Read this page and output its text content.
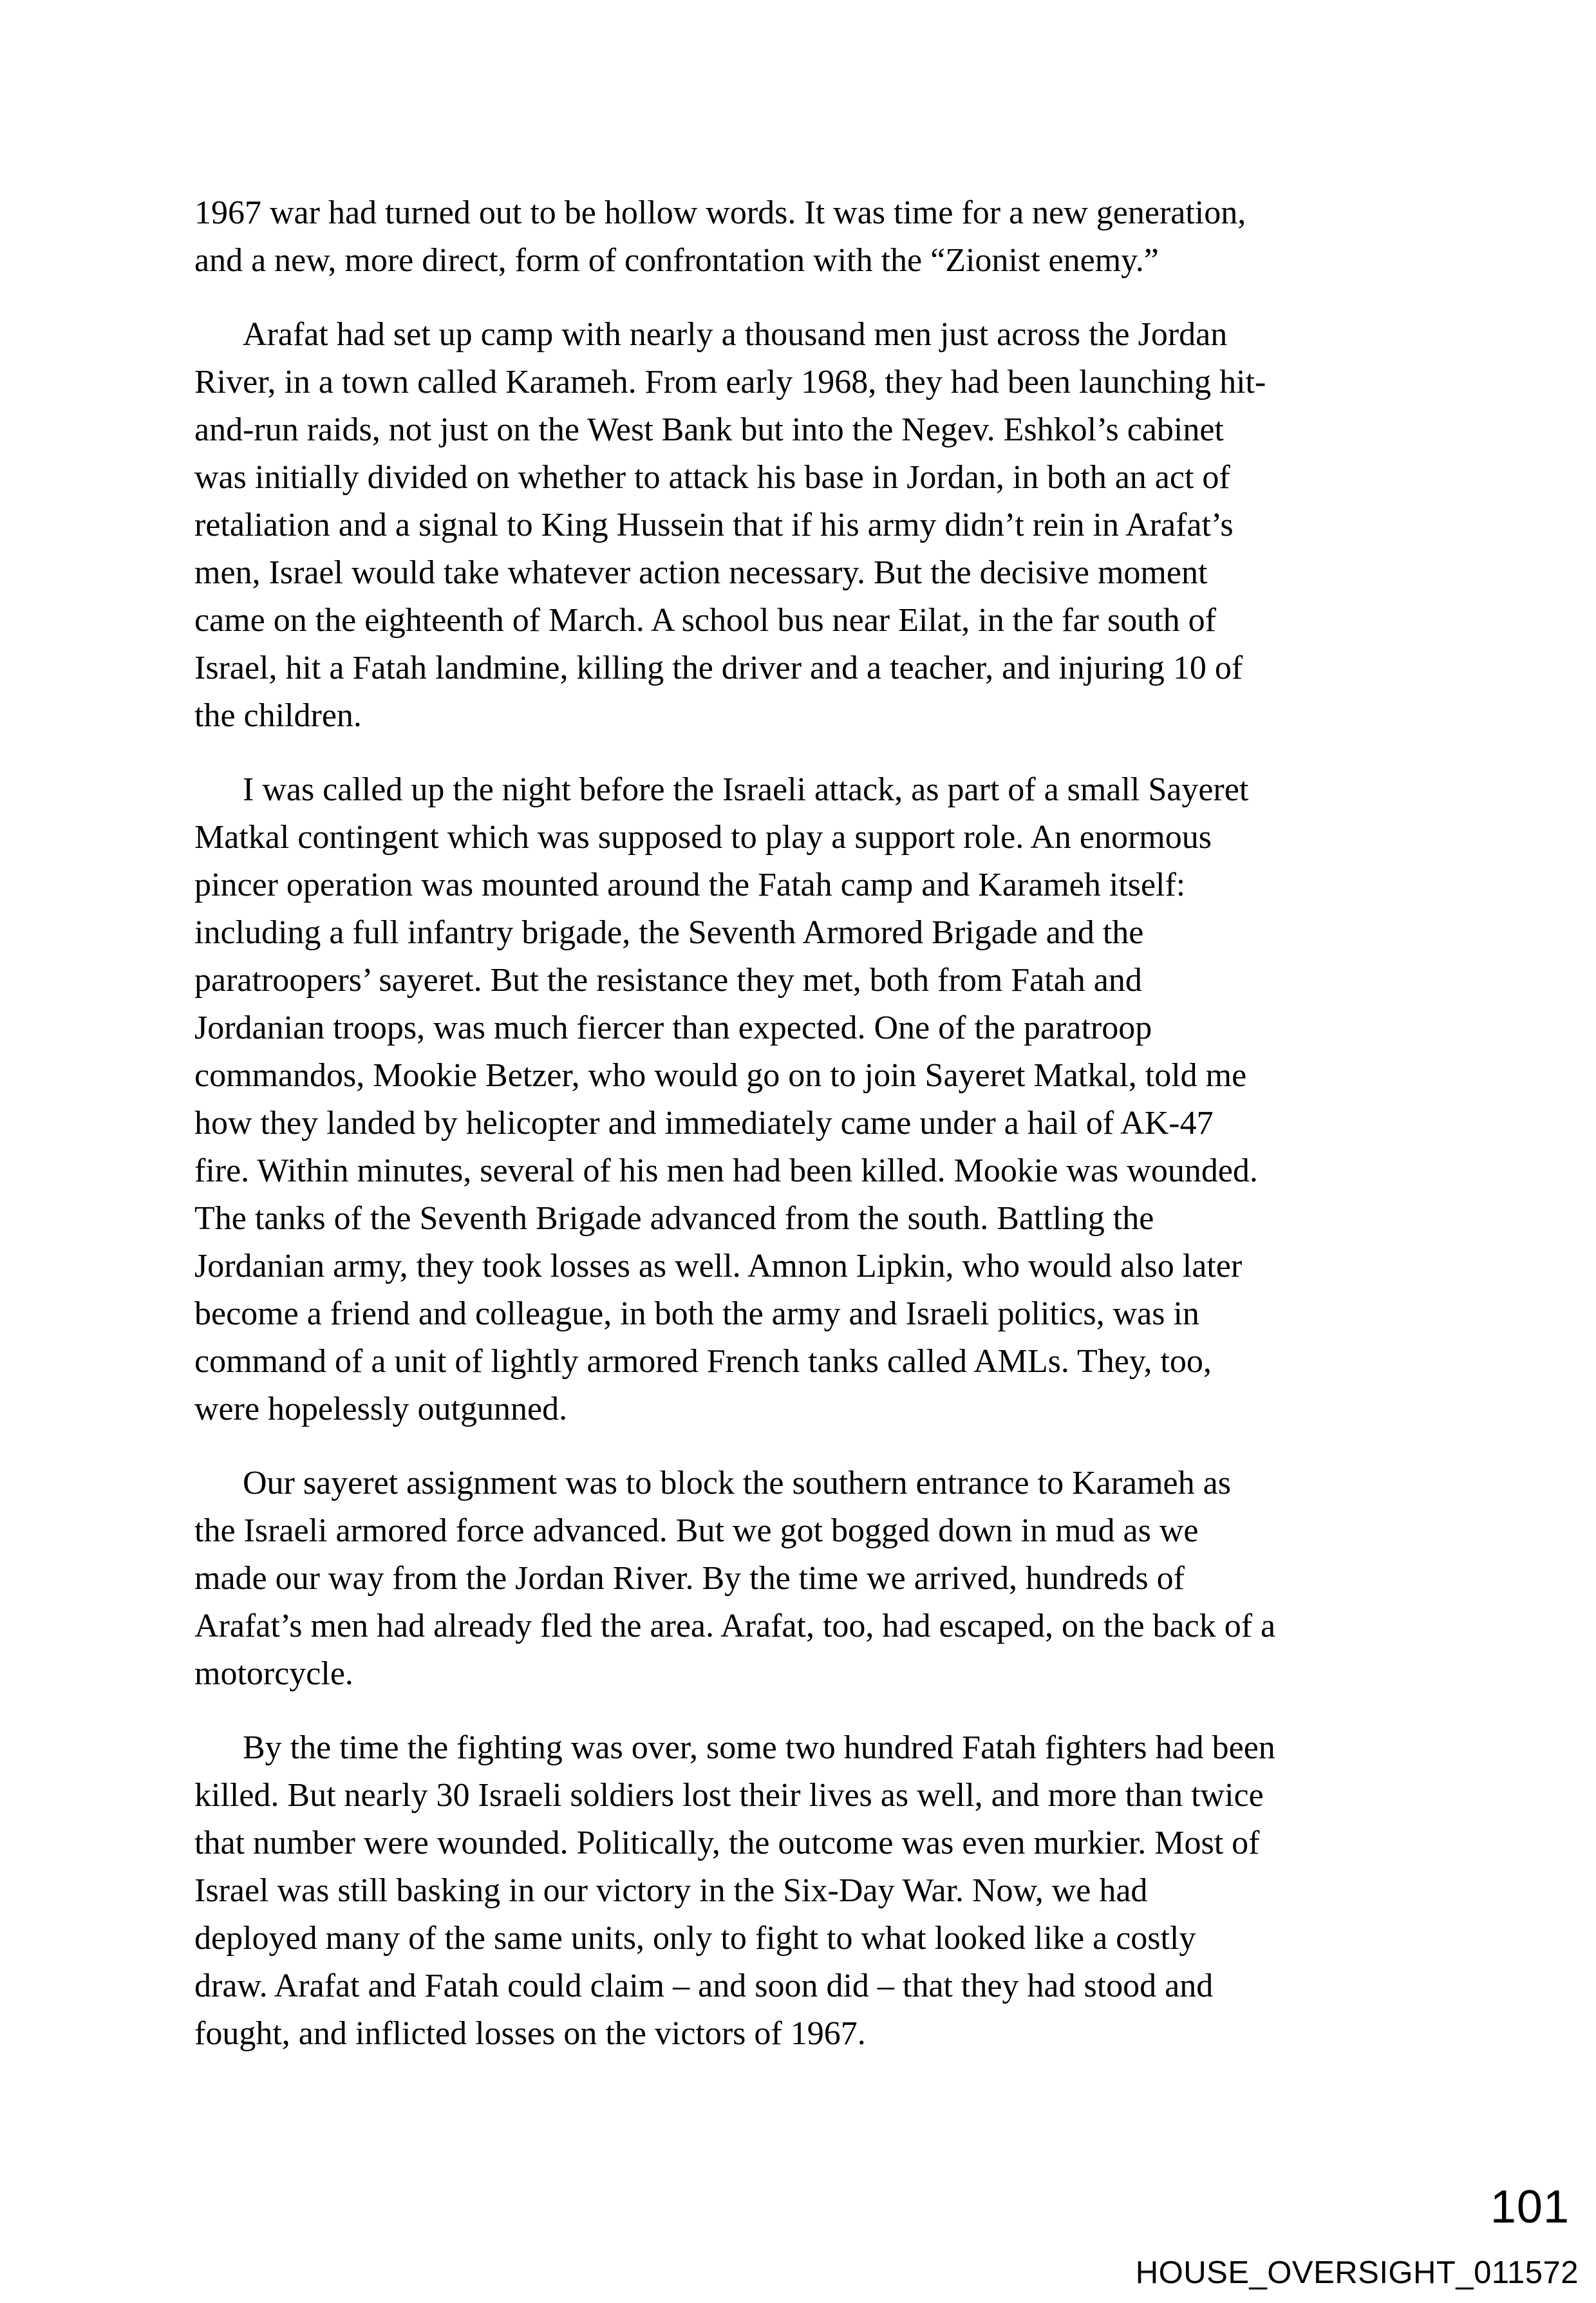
1967 war had turned out to be hollow words. It was time for a new generation,
and a new, more direct, form of confrontation with the “Zionist enemy.”

Arafat had set up camp with nearly a thousand men just across the Jordan
River, in a town called Karameh. From early 1968, they had been launching hit-
and-run raids, not just on the West Bank but into the Negev. Eshkol’s cabinet
was initially divided on whether to attack his base in Jordan, in both an act of
retaliation and a signal to King Hussein that if his army didn’t rein in Arafat’s
men, Israel would take whatever action necessary. But the decisive moment
came on the eighteenth of March. A school bus near Eilat, in the far south of
Israel, hit a Fatah landmine, killing the driver and a teacher, and injuring 10 of
the children.

I was called up the night before the Israeli attack, as part of a small Sayeret
Matkal contingent which was supposed to play a support role. An enormous
pincer operation was mounted around the Fatah camp and Karameh itself:
including a full infantry brigade, the Seventh Armored Brigade and the
paratroopers’ sayeret. But the resistance they met, both from Fatah and
Jordanian troops, was much fiercer than expected. One of the paratroop
commandos, Mookie Betzer, who would go on to join Sayeret Matkal, told me
how they landed by helicopter and immediately came under a hail of AK-47
fire. Within minutes, several of his men had been killed. Mookie was wounded.
The tanks of the Seventh Brigade advanced from the south. Battling the
Jordanian army, they took losses as well. Amnon Lipkin, who would also later
become a friend and colleague, in both the army and Israeli politics, was in
command of a unit of lightly armored French tanks called AMLs. They, too,
were hopelessly outgunned.

Our sayeret assignment was to block the southern entrance to Karameh as
the Israeli armored force advanced. But we got bogged down in mud as we
made our way from the Jordan River. By the time we arrived, hundreds of
Arafat’s men had already fled the area. Arafat, too, had escaped, on the back of a
motorcycle.

By the time the fighting was over, some two hundred Fatah fighters had been
killed. But nearly 30 Israeli soldiers lost their lives as well, and more than twice
that number were wounded. Politically, the outcome was even murkier. Most of
Israel was still basking in our victory in the Six-Day War. Now, we had
deployed many of the same units, only to fight to what looked like a costly
draw. Arafat and Fatah could claim – and soon did – that they had stood and
fought, and inflicted losses on the victors of 1967.

101
HOUSE_OVERSIGHT_011572
